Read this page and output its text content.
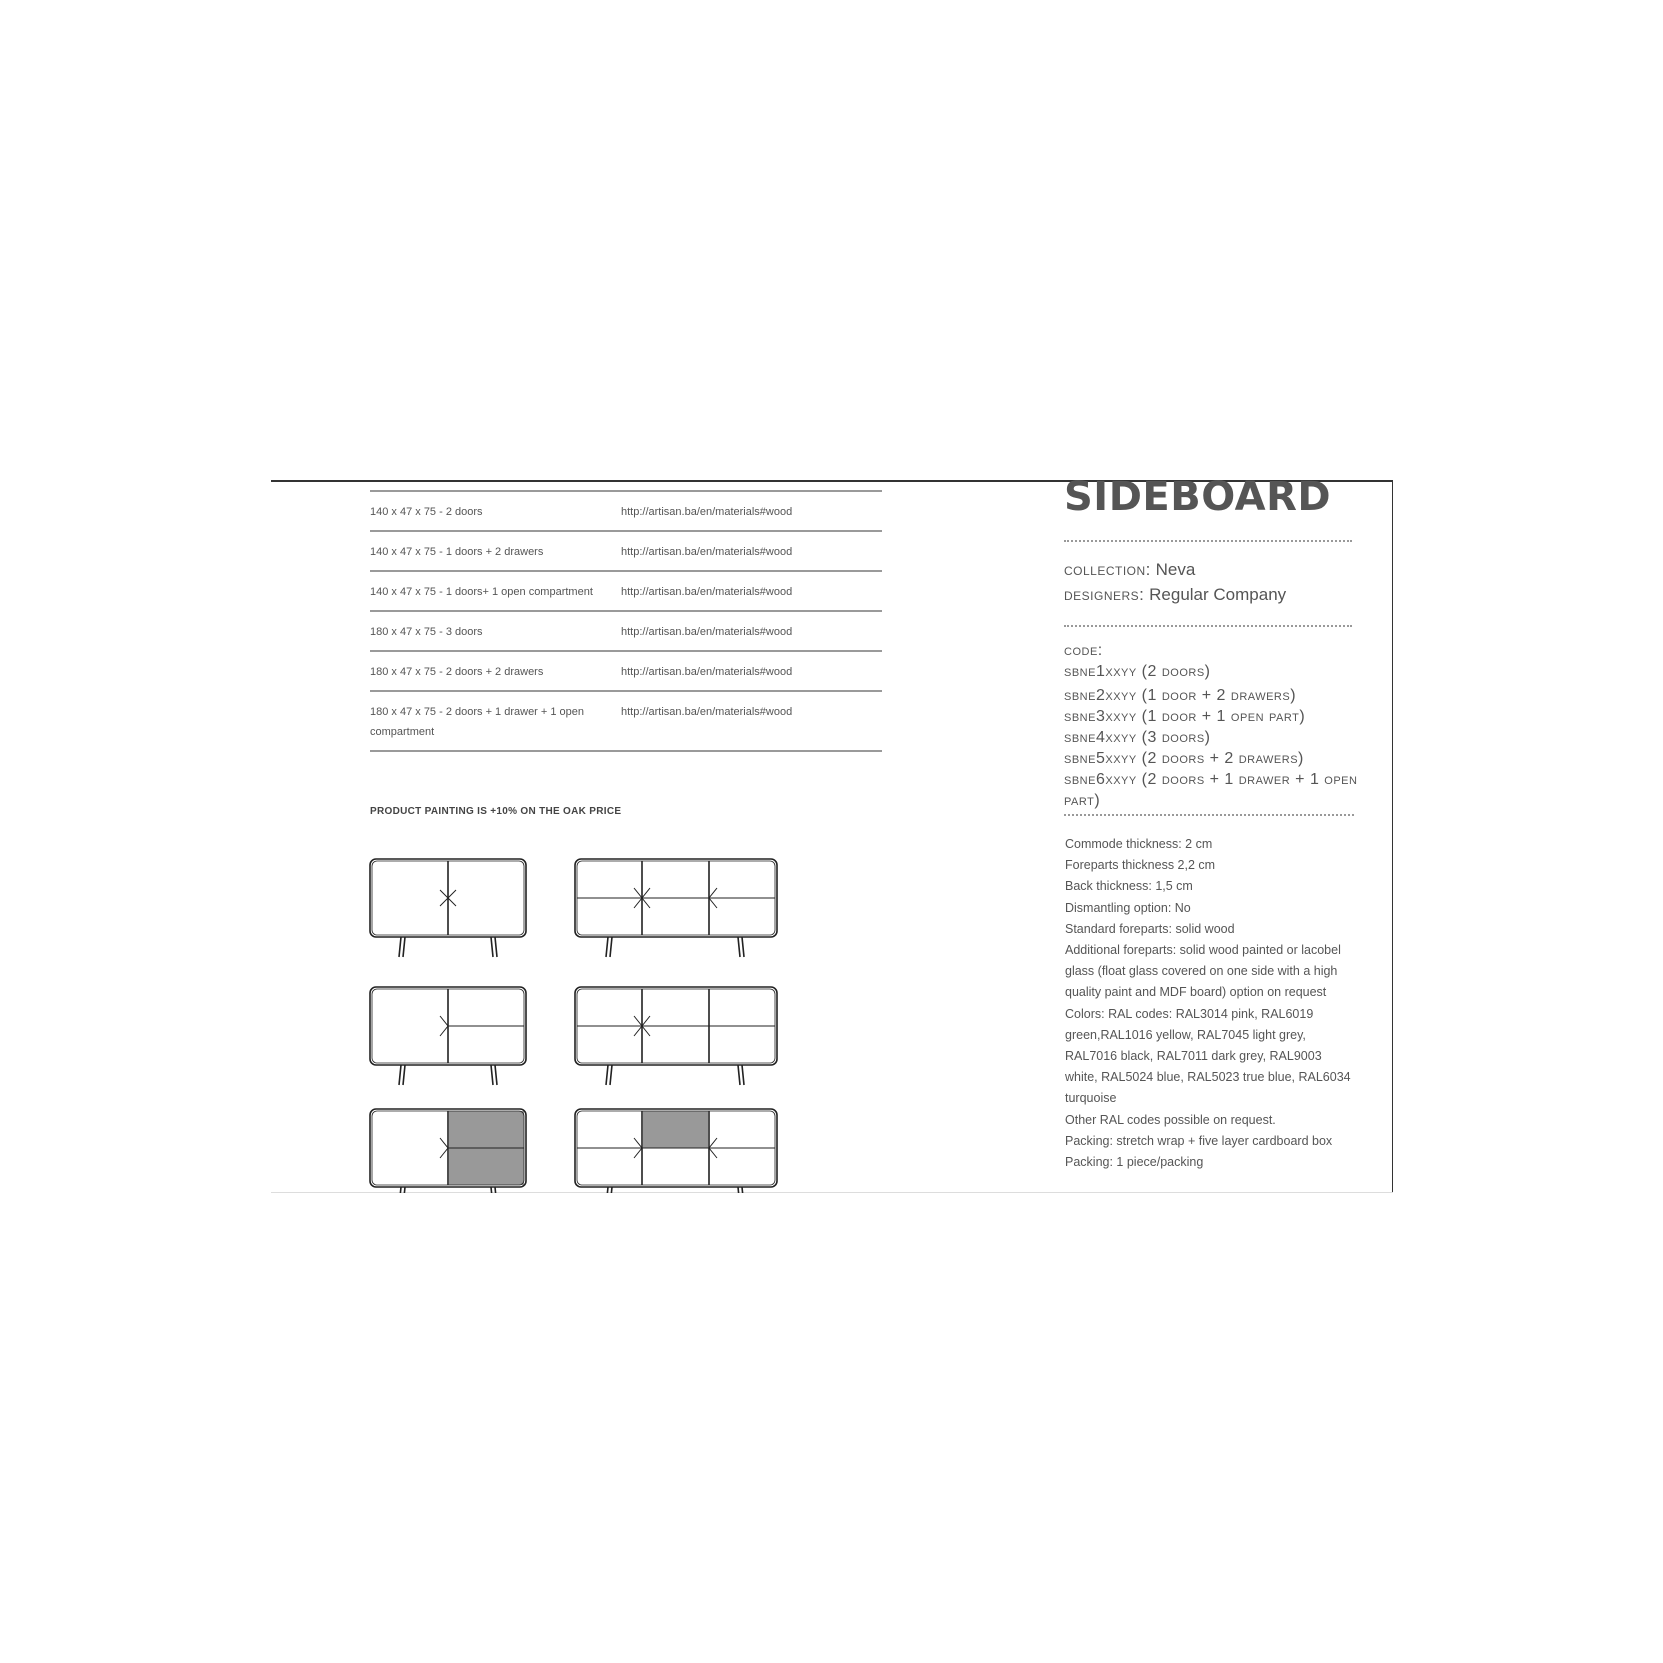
140 x 47 x 75 - 2 doors	http://artisan.ba/en/materials#wood
140 x 47 x 75 - 1 doors + 2 drawers	http://artisan.ba/en/materials#wood
140 x 47 x 75 - 1 doors+ 1 open compartment	http://artisan.ba/en/materials#wood
180 x 47 x 75 - 3 doors	http://artisan.ba/en/materials#wood
180 x 47 x 75 - 2 doors + 2 drawers	http://artisan.ba/en/materials#wood
180 x 47 x 75 - 2 doors + 1 drawer + 1 open compartment	http://artisan.ba/en/materials#wood
PRODUCT PAINTING IS +10% ON THE OAK PRICE
SIDEBOARD
collection: Neva
designers: Regular Company
code:
sbne1xxyy (2 doors)
sbne2xxyy (1 door + 2 drawers)
sbne3xxyy (1 door + 1 open part)
sbne4xxyy (3 doors)
sbne5xxyy (2 doors + 2 drawers)
sbne6xxyy (2 doors + 1 drawer + 1 open part)
Commode thickness: 2 cm
Foreparts thickness 2,2 cm
Back thickness: 1,5 cm
Dismantling option: No
Standard foreparts: solid wood
Additional foreparts: solid wood painted or lacobel glass (float glass covered on one side with a high quality paint and MDF board) option on request
Colors: RAL codes: RAL3014 pink, RAL6019 green,RAL1016 yellow, RAL7045 light grey, RAL7016 black, RAL7011 dark grey, RAL9003 white, RAL5024 blue, RAL5023 true blue, RAL6034 turquoise
Other RAL codes possible on request.
Packing: stretch wrap + five layer cardboard box
Packing: 1 piece/packing
